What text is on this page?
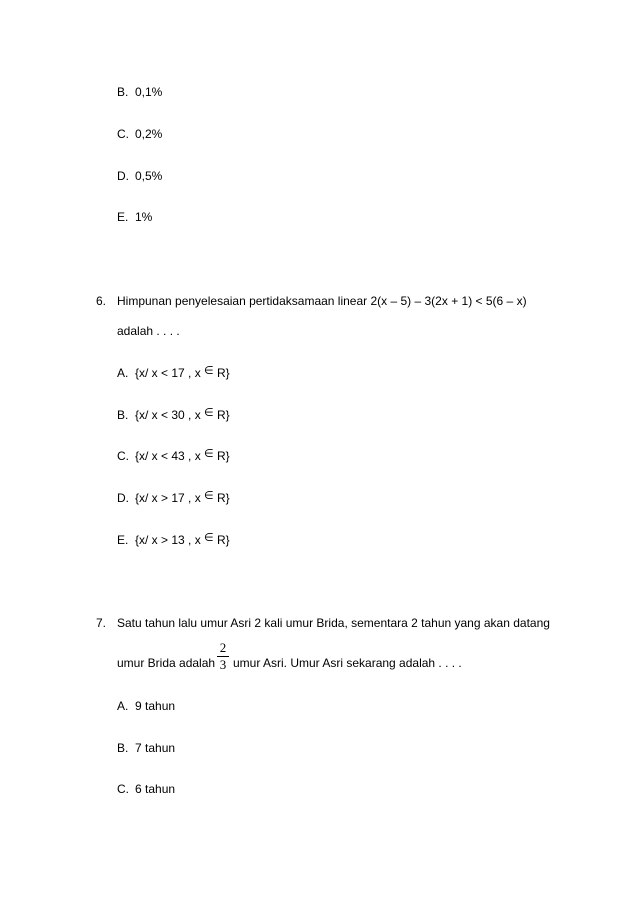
B. 0,1%
C. 0,2%
D. 0,5%
E. 1%
6. Himpunan penyelesaian pertidaksamaan linear 2(x – 5) – 3(2x + 1) < 5(6 – x)
adalah . . . .
A. {x/ x < 17 , x ∈ R}
B. {x/ x < 30 , x ∈ R}
C. {x/ x < 43 , x ∈ R}
D. {x/ x > 17 , x ∈ R}
E. {x/ x > 13 , x ∈ R}
7. Satu tahun lalu umur Asri 2 kali umur Brida, sementara 2 tahun yang akan datang
umur Brida adalah
2
3 umur Asri. Umur Asri sekarang adalah . . . .
A. 9 tahun
B. 7 tahun
C. 6 tahun
